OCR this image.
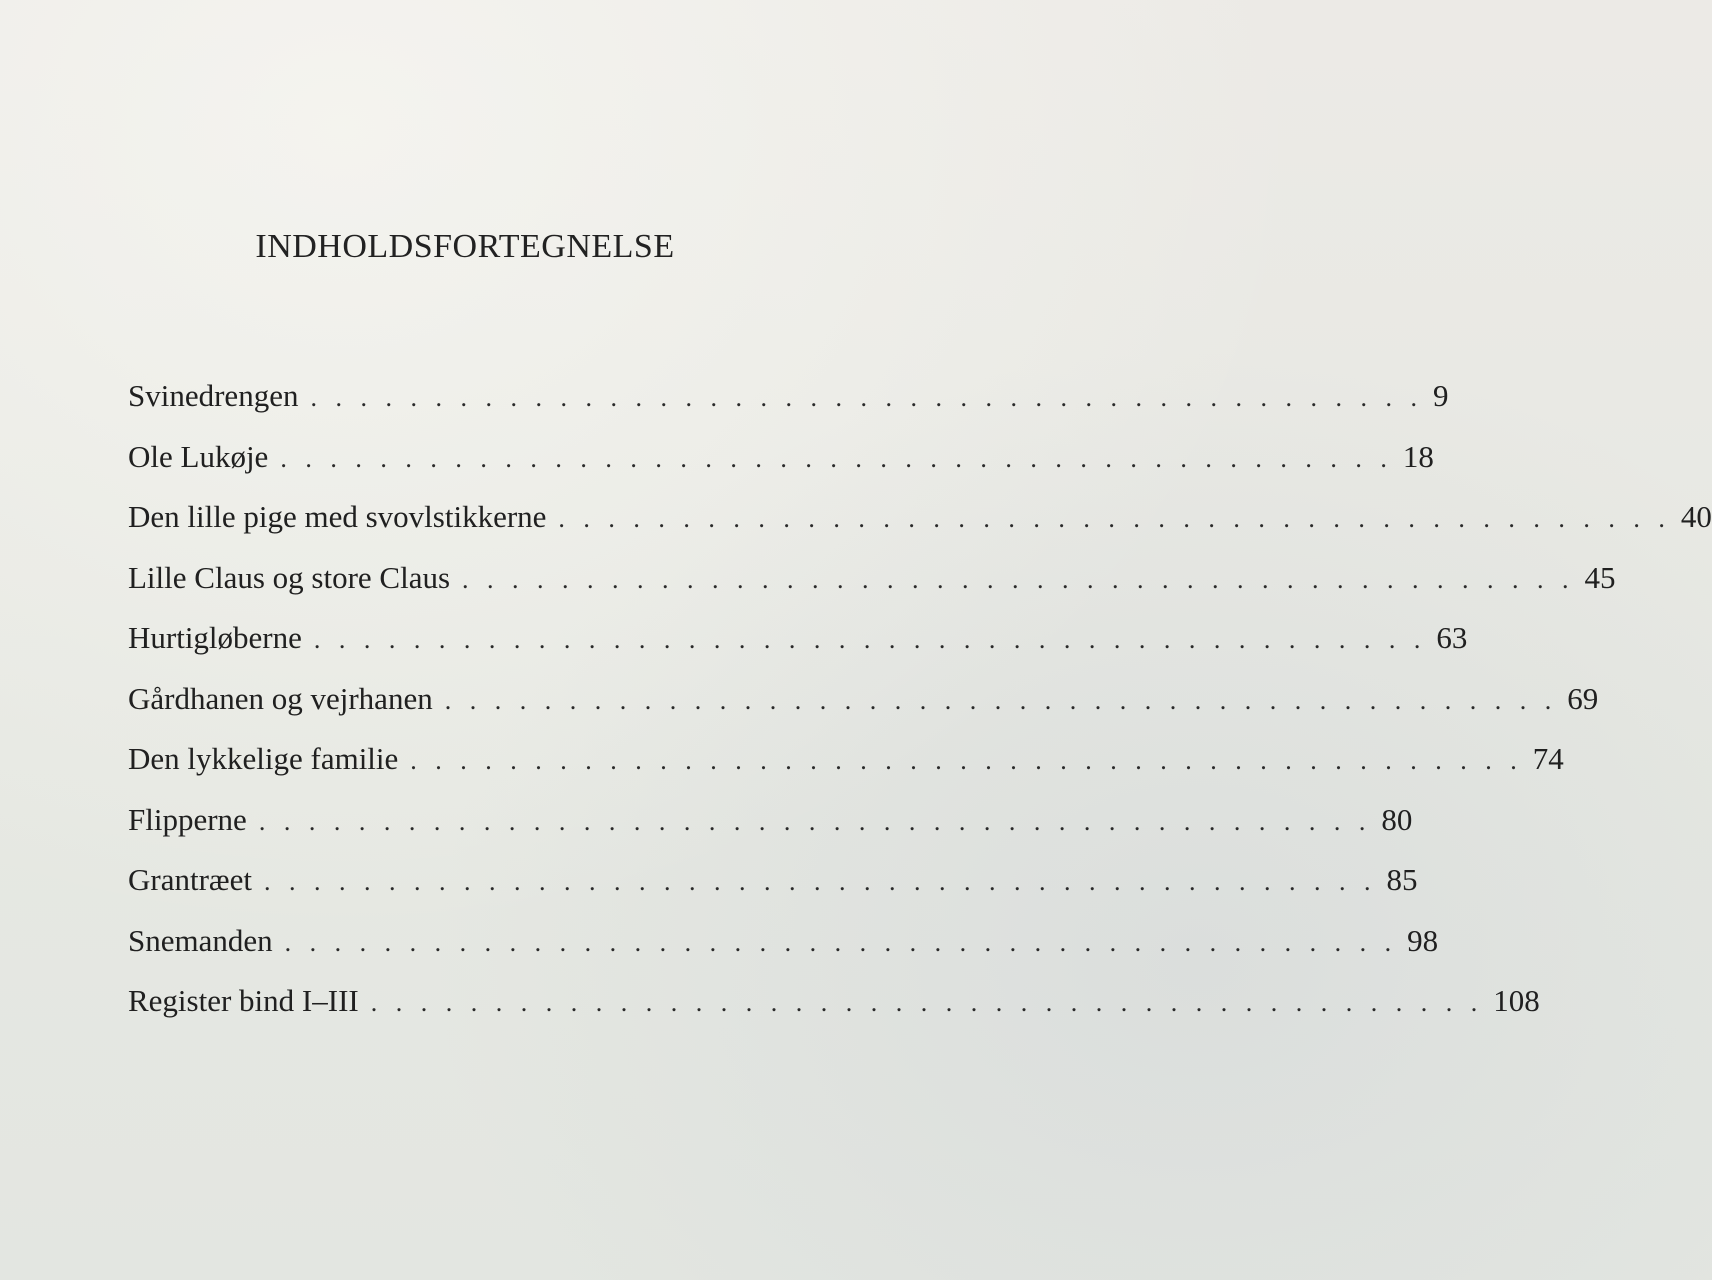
INDHOLDSFORTEGNELSE
Svinedrengen . . . . . . . . . . . . . . . . . . . . . . . . . . . . . . . . . . . . . . . . . . . . . 9
Ole Lukøje . . . . . . . . . . . . . . . . . . . . . . . . . . . . . . . . . . . . . . . . . . . . . 18
Den lille pige med svovlstikkerne . . . . . . . . . . . . . . . . . . . . . . . . . . . . . . . . . . . . . . . . . . . . . 40
Lille Claus og store Claus . . . . . . . . . . . . . . . . . . . . . . . . . . . . . . . . . . . . . . . . . . . . . 45
Hurtigløberne . . . . . . . . . . . . . . . . . . . . . . . . . . . . . . . . . . . . . . . . . . . . . 63
Gårdhanen og vejrhanen . . . . . . . . . . . . . . . . . . . . . . . . . . . . . . . . . . . . . . . . . . . . . 69
Den lykkelige familie . . . . . . . . . . . . . . . . . . . . . . . . . . . . . . . . . . . . . . . . . . . . . 74
Flipperne . . . . . . . . . . . . . . . . . . . . . . . . . . . . . . . . . . . . . . . . . . . . . 80
Grantræet . . . . . . . . . . . . . . . . . . . . . . . . . . . . . . . . . . . . . . . . . . . . . 85
Snemanden . . . . . . . . . . . . . . . . . . . . . . . . . . . . . . . . . . . . . . . . . . . . . 98
Register bind I–III . . . . . . . . . . . . . . . . . . . . . . . . . . . . . . . . . . . . . . . . . . . . . 108
